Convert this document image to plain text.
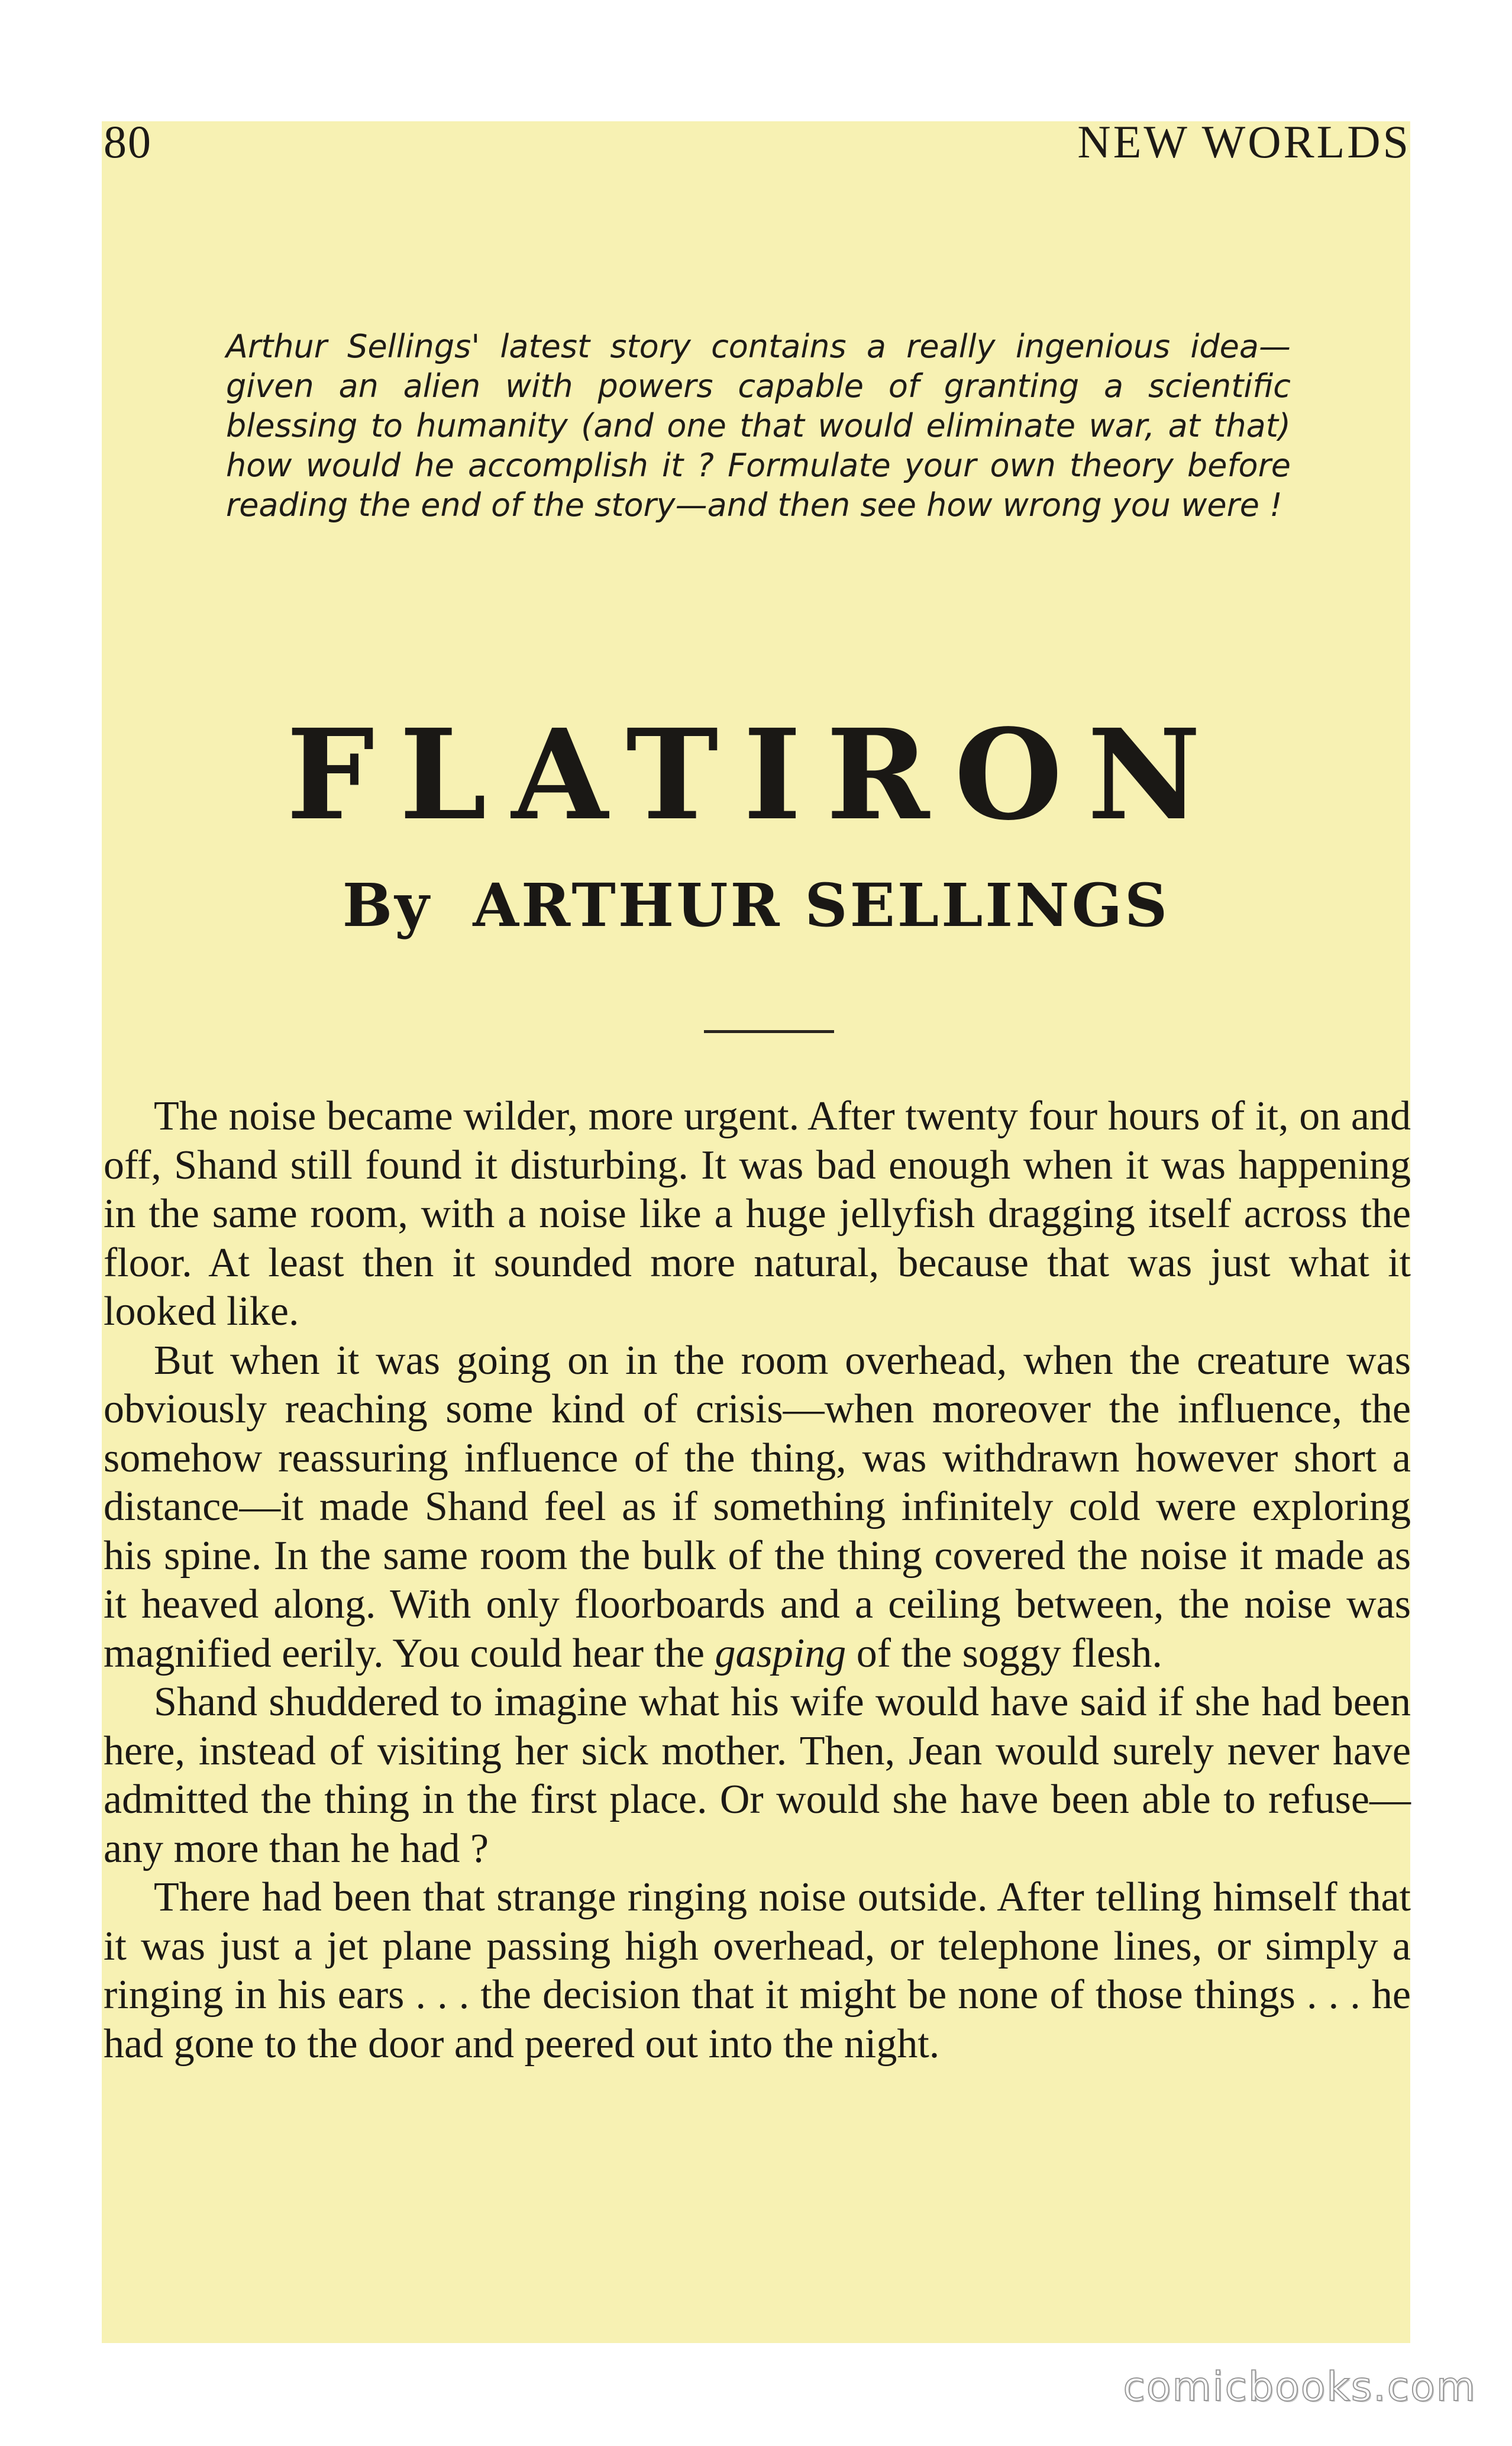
80	NEW WORLDS
Arthur Sellings' latest story contains a really ingenious idea—given an alien with powers capable of granting a scientific blessing to humanity (and one that would eliminate war, at that) how would he accomplish it ? Formulate your own theory before reading the end of the story—and then see how wrong you were !
FLATIRON
By ARTHUR SELLINGS

The noise became wilder, more urgent. After twenty four hours of it, on and off, Shand still found it disturbing. It was bad enough when it was happening in the same room, with a noise like a huge jellyfish dragging itself across the floor. At least then it sounded more natural, because that was just what it looked like.

But when it was going on in the room overhead, when the creature was obviously reaching some kind of crisis—when moreover the influence, the somehow reassuring influence of the thing, was withdrawn however short a distance—it made Shand feel as if something infinitely cold were exploring his spine. In the same room the bulk of the thing covered the noise it made as it heaved along. With only floorboards and a ceiling between, the noise was magnified eerily. You could hear the gasping of the soggy flesh.

Shand shuddered to imagine what his wife would have said if she had been here, instead of visiting her sick mother. Then, Jean would surely never have admitted the thing in the first place. Or would she have been able to refuse—any more than he had ?

There had been that strange ringing noise outside. After telling himself that it was just a jet plane passing high overhead, or telephone lines, or simply a ringing in his ears . . . the decision that it might be none of those things . . . he had gone to the door and peered out into the night.

comicbooks.com
